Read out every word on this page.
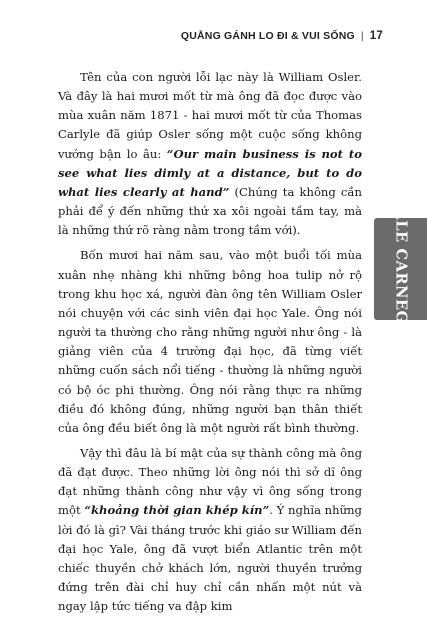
QUẲNG GÁNH LO ĐI & VUI SỐNG | 17

Tên của con người lỗi lạc này là William Osler. Và đây là hai mươi mốt từ mà ông đã đọc được vào mùa xuân năm 1871 - hai mươi mốt từ của Thomas Carlyle đã giúp Osler sống một cuộc sống không vướng bận lo âu: “Our main business is not to see what lies dimly at a distance, but to do what lies clearly at hand” (Chúng ta không cần phải để ý đến những thứ xa xôi ngoài tầm tay, mà là những thứ rõ ràng nằm trong tầm với).

Bốn mươi hai năm sau, vào một buổi tối mùa xuân nhẹ nhàng khi những bông hoa tulip nở rộ trong khu học xá, người đàn ông tên William Osler nói chuyện với các sinh viên đại học Yale. Ông nói người ta thường cho rằng những người như ông - là giảng viên của 4 trường đại học, đã từng viết những cuốn sách nổi tiếng - thường là những người có bộ óc phi thường. Ông nói rằng thực ra những điều đó không đúng, những người bạn thân thiết của ông đều biết ông là một người rất bình thường.

Vậy thì đâu là bí mật của sự thành công mà ông đã đạt được. Theo những lời ông nói thì sở dĩ ông đạt những thành công như vậy vì ông sống trong một “khoảng thời gian khép kín”. Ý nghĩa những lời đó là gì? Vài tháng trước khi giáo sư William đến đại học Yale, ông đã vượt biển Atlantic trên một chiếc thuyền chở khách lớn, người thuyền trưởng đứng trên đài chỉ huy chỉ cần nhấn một nút và ngay lập tức tiếng va đập kim

DALE CARNEGIE
